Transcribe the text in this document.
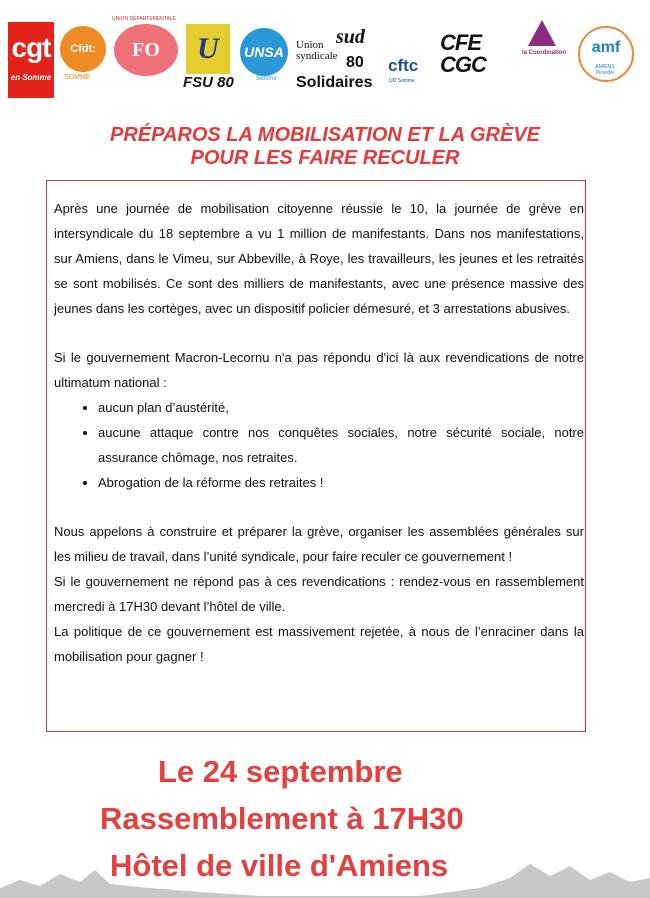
cgt
en Somme
Cfdt:
SOMME
UNION DÉPARTEMENTALE
FO	U
FSU 80
UNSA
Somme
Union syndicale
sud
80
Solidaires
cftc
UD Somme
CFE CGC	la Coordination	amf
AMIENS Picardie
PRÉPAROS LA MOBILISATION ET LA GRÈVE
POUR LES FAIRE RECULER

Après une journée de mobilisation citoyenne réussie le 10, la journée de grève en intersyndicale du 18 septembre a vu 1 million de manifestants. Dans nos manifestations, sur Amiens, dans le Vimeu, sur Abbeville, à Roye, les travailleurs, les jeunes et les retraités se sont mobilisés. Ce sont des milliers de manifestants, avec une présence massive des jeunes dans les cortèges, avec un dispositif policier démesuré, et 3 arrestations abusives.

Si le gouvernement Macron-Lecornu n'a pas répondu d'ici là aux revendications de notre ultimatum national :

• aucun plan d’austérité,
• aucune attaque contre nos conquêtes sociales, notre sécurité sociale, notre assurance chômage, nos retraites.
• Abrogation de la réforme des retraites !

Nous appelons à construire et préparer la grève, organiser les assemblées générales sur les milieu de travail, dans l’unité syndicale, pour faire reculer ce gouvernement !

Si le gouvernement ne répond pas à ces revendications : rendez-vous en rassemblement mercredi à 17H30 devant l’hôtel de ville.

La politique de ce gouvernement est massivement rejetée, à nous de l’enraciner dans la mobilisation pour gagner !

Le 24 septembre
Rassemblement à 17H30
Hôtel de ville d'Amiens
